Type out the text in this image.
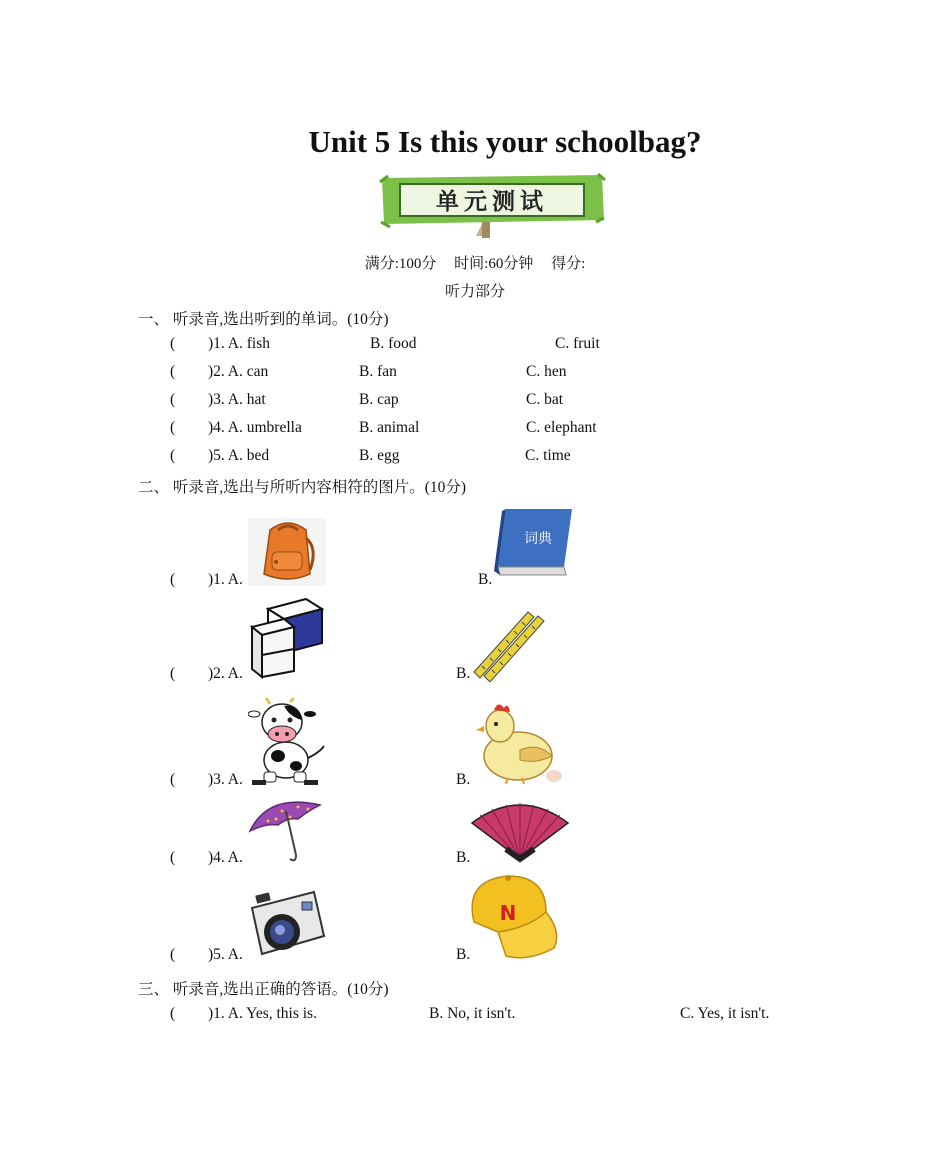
Unit 5 Is this your schoolbag?
单元测试
满分:100分 时间:60分钟 得分:
听力部分
一、 听录音,选出听到的单词。(10分)
( )1. A. fish	B. food	C. fruit
( )2. A. can	B. fan	C. hen
( )3. A. hat	B. cap	C. bat
( )4. A. umbrella	B. animal	C. elephant
( )5. A. bed	B. egg	C. time
二、 听录音,选出与所听内容相符的图片。(10分)
( )1. A.	B.
词典
( )2. A.	B.
( )3. A.	B.
( )4. A.	B.
( )5. A.	B.
N
三、 听录音,选出正确的答语。(10分)
( )1. A. Yes, this is.	B. No, it isn't.	C. Yes, it isn't.
